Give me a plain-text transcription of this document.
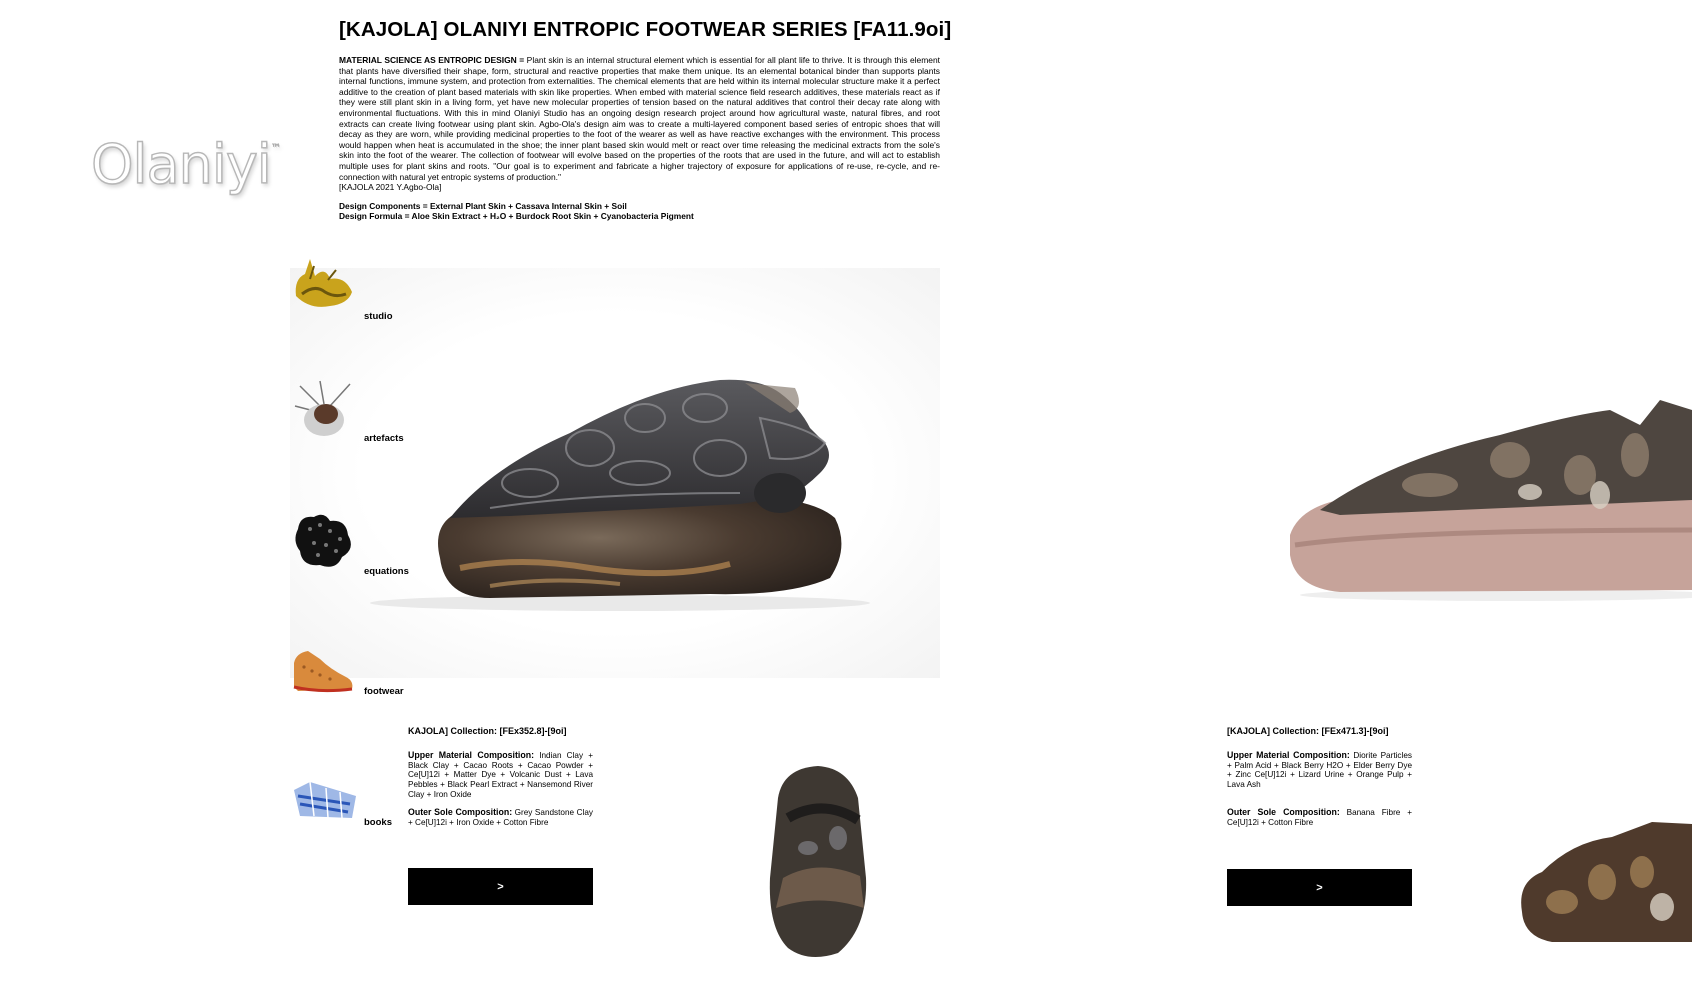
Olaniyi™
[KAJOLA] OLANIYI ENTROPIC FOOTWEAR SERIES [FA11.9oi]
MATERIAL SCIENCE AS ENTROPIC DESIGN = Plant skin is an internal structural element which is essential for all plant life to thrive. It is through this element that plants have diversified their shape, form, structural and reactive properties that make them unique. Its an elemental botanical binder than supports plants internal functions, immune system, and protection from externalities. The chemical elements that are held within its internal molecular structure make it a perfect additive to the creation of plant based materials with skin like properties. When embed with material science field research additives, these materials react as if they were still plant skin in a living form, yet have new molecular properties of tension based on the natural additives that control their decay rate along with environmental fluctuations. With this in mind Olaniyi Studio has an ongoing design research project around how agricultural waste, natural fibres, and root extracts can create living footwear using plant skin. Agbo-Ola's design aim was to create a multi-layered component based series of entropic shoes that will decay as they are worn, while providing medicinal properties to the foot of the wearer as well as have reactive exchanges with the environment. This process would happen when heat is accumulated in the shoe; the inner plant based skin would melt or react over time releasing the medicinal extracts from the sole's skin into the foot of the wearer. The collection of footwear will evolve based on the properties of the roots that are used in the future, and will act to establish multiple uses for plant skins and roots. "Our goal is to experiment and fabricate a higher trajectory of exposure for applications of re-use, re-cycle, and re-connection with natural yet entropic systems of production."
[KAJOLA 2021 Y.Agbo-Ola]
Design Components = External Plant Skin + Cassava Internal Skin + Soil
Design Formula = Aloe Skin Extract + H₂O + Burdock Root Skin + Cyanobacteria Pigment
studio
artefacts
equations
footwear
books
KAJOLA] Collection: [FEx352.8]-[9oi]
Upper Material Composition: Indian Clay + Black Clay + Cacao Roots + Cacao Powder + Ce[U]12i + Matter Dye + Volcanic Dust + Lava Pebbles + Black Pearl Extract + Nansemond River Clay + Iron Oxide
Outer Sole Composition: Grey Sandstone Clay + Ce[U]12i + Iron Oxide + Cotton Fibre
>
[KAJOLA] Collection: [FEx471.3]-[9oi]
Upper Material Composition: Diorite Particles + Palm Acid + Black Berry H2O + Elder Berry Dye + Zinc Ce[U]12i + Lizard Urine + Orange Pulp + Lava Ash
Outer Sole Composition: Banana Fibre + Ce[U]12i + Cotton Fibre
>
